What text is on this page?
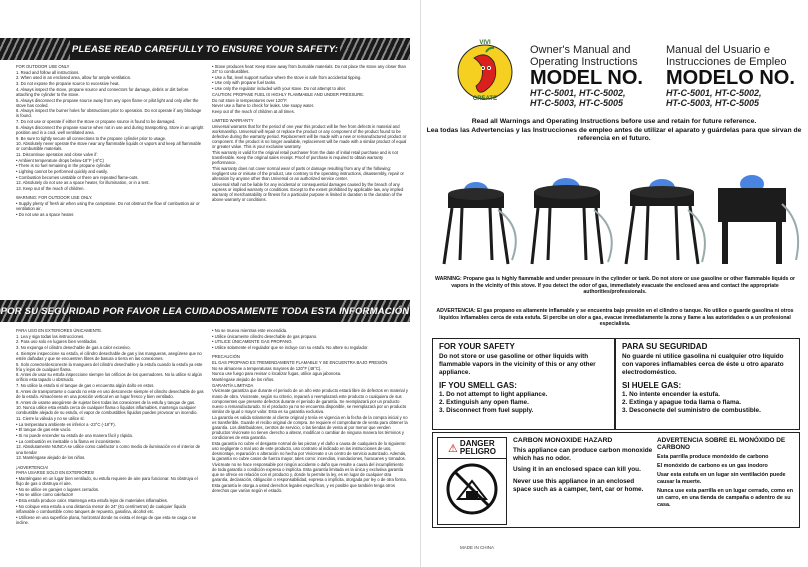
PLEASE READ CAREFULLY TO ENSURE YOUR SAFETY:

FOR OUTDOOR USE ONLY

1. Read and follow all instructions.

2. When used in an enclosed area, allow for ample ventilation.

3. Do not expose the propane source to excessive heat.

4. Always inspect the stove, propane source and connectors for damage, debris or dirt before attaching the cylinder to the stove.

5. Always disconnect the propane source away from any open flame or pilot light and only after the stove has cooled.

6. Always inspect the burner holes for obstructions prior to operation. Do not operate if any blockage is found.

7. Do not use or operate if either the stove or propane source is found to be damaged.

8. Always disconnect the propane source when not in use and during transporting. Store in an upright position and in a cool, well ventilated area.

9. Be sure to tightly secure all connections to the propane cylinder prior to usage.

10. Absolutely never operate the stove near any flammable liquids or vapors and keep all flammable or combustible materials.

11. Discontinue operation and close valve if:

• Ambient temperature drops below-18°F (-8°C)

• There is no fuel remaining in the propane cylinder.

• Lighting cannot be performed quickly and easily.

• Combustion becomes unstable or there are repeated flame-outs.

12. Absolutely do not use as a space heater, for illumination, or in a tent.

13. Keep out of the reach of children.

WARNING: FOR OUTDOOR USE ONLY.

• Supply plenty of fresh air when using the campstove. Do not obstruct the flow of combustion air or ventilation air.

• Do not use as a space heater.

• Stove produces heat: Keep stove away from burnable materials. Do not place the stove any closer than 24" to combustibles.

• Use a flat, level support surface where the stove is safe from accidental tipping.

• Use only with propane fuel tanks.

• Use only the regulator included with your stove. Do not attempt to alter.

CAUTION: PROPANE FUEL IS HIGHLY FLAMMABLE AND UNDER PRESSURE.

Do not store in temperatures over 120°F.

Never use a flame to check for leaks. Use soapy water.

Keep out of the reach of children at all times.

LIMITED WARRANTY

Universal warrants that for the period of one year this product will be free from defects in material and workmanship. Universal will repair or replace the product or any component of the product found to be defective during the warranty period. Replacement will be made with a new or remanufactured product or component. If the product is no longer available, replacement will be made with a similar product of equal or greater value. This is your exclusive warranty.

This warranty is valid for the original retail purchaser from the date of initial retail purchase and is not transferable. Keep the original sales receipt. Proof of purchase is required to obtain warranty performance.

This warranty does not cover normal wear of parts or damage resulting from any of the following: negligent use or misuse of the product, use contrary to the operating instructions, disassembly, repair or alteration by anyone other than Universal or an authorized service center.

Universal shall not be liable for any incidental or consequential damages caused by the breach of any express or implied warranty or conditions. Except to the extent prohibited by applicable law, any implied warranty of merchantability or fitness for a particular purpose is limited in duration to the duration of the above warranty or conditions.

POR SU SEGURIDAD POR FAVOR LEA CUIDADOSAMENTE TODA ESTA INFORMACIÓN

PARA USO EN EXTERIORES ÚNICAMENTE.

1. Lea y siga todas las instrucciones.

2. Para uso solo en lugares bien ventilados.

3. No exponga el cilindro desechable de gas a calor excesivo.

4. Siempre inspeccione su estufa, el cilindro desechable de gas y las mangueras, asegúrese que no estén dañadas y que se encuentren libres de basura o tierra en las conexiones.

5. Solo conecte/desconecte la manguera del cilindro desechable y la estufa cuando la estufa ya este fría y lejos de cualquier flama.

6. Antes de usar su estufa inspeccione siempre los orificios de los quemadores. No la utilice si algún orificio esta tapado u obstruido.

7. No utilice la estufa si el tanque de gas o encuentra algún daño en estos.

8. Antes de transportarse o cuando no este en uso desconecte siempre el cilindro desechable de gas de la estufa. Almacénese en una posición vertical en un lugar fresco y bien ventilado.

9. Antes de usarse asegúrese de sujetar bien todas las conexiones de la estufa y tanque de gas.

10. Nunca utilice esta estufa cerca de cualquier flama o líquidos inflamables, mantenga cualquier combustible alejado de su estufa, el vapor de combustibles líquidos pueden provocar un incendio.

11. Cierre la válvula y no se utilice si:

• La temperatura ambiente es inferior a -23°C (-18°F).

• El tanque de gas este vacío.

• Si no puede encender su estufa de una manera fácil y rápida.

• La combustión es inestable o la flama es inconsistente.

12. Absolutamente NUNCA se utilice como calefactor o como medio de iluminación en el interior de una tienda!

13. Manténgase alejado de los niños.

¡ADVERTENCIA!

PARA USARSE SOLO EN EXTERIORES!

• Manténgase en un lugar bien ventilado, su estufa requiere de aire para funcionar. No obstruya el flujo de gas o obstruya el aire.

• No se utilice en garajes o lugares cerrados.

• No se utilice como calefactor!

• Esta estufa produce calor. Mantenga esta estufa lejos de materiales inflamables.

• No coloque esta estufa a una distancia menor de 24" (61 centímetros) de cualquier líquido inflamable o combustible como tanques de repuesto, gasolina, alcohol etc.

• Utilícese en una superficie plana, horizontal donde no exista el riesgo de que esta se caiga o se incline.

• No se mueva mientras este encendida.

• Utilice únicamente cilindro desechable de gas propano.

• UTILICE ÚNICAMENTE GAS PROPANO.

• Utilice solamente el regulador que se incluye con su estufa. No altere su regulador.

PRECAUCIÓN

EL GAS PROPANO ES TREMENDAMENTE FLAMABLE Y SE ENCUENTRA BAJO PRESIÓN

No se almacene a temperaturas mayores de 120°F (49°C).

Nunca use fuego para revisar o localizar fugas, utilice agua jabonosa.

Manténgase alejado de los niños.

GARANTÍA LIMITADA

Vivicreate garantiza que durante el periodo de un año este producto estará libre de defectos en material y mano de obra. Vivicreate, según su criterio, reparará o reemplazará este producto o cualquiera de sus componentes que presente defectos durante el periodo de garantía. Se reemplazará por un producto nuevo o remanufacturado. Si el producto ya no se encuentra disponible, se reemplazará por un producto similar de igual o mayor valor. Esta es su garantía exclusiva.

La garantía es valida solamente al cliente original y tenía en vigencia en la fecha de la compra inicial y no es transferible. Guarde el recibo original de compra. Se requiere el comprobante de venta para obtener la garantía. Los distribuidores, centros de servicio, o las tiendas de venta al por menor que venden productos Vivicreate no tienen derecho a alterar, modificar o cambiar de ninguna manera los términos y condiciones de esta garantía.

Esta garantía no cubre el desgaste normal de las piezas y el daño a causa de cualquiera de lo siguiente: uso negligente o mal uso de este producto, uso contrario al indicado en las instrucciones de uso, desmontaje, reparación o alteración no hecha por Vivicreate o un centro de servicio autorizado. Además, la garantía no cubre casos de fuerza mayor, tales como: incendios, inundaciones, huracanes y tornados.

Vivicreate no se hace responsable por ningún accidente o daño que resulte a causa del incumplimiento de toda garantía o condición expresa o implícita. Esta garantía limitada es la única y exclusiva garantía que se ofrece en relación con el producto y, donde lo permite la ley, es en lugar de cualquier otra garantía, declaración, obligación o responsabilidad, expresa o implícita, otorgada por ley o de otra forma.

Esta garantía le otorga a usted derechos legales específicos, y es posible que también tenga otros derechos que varían según el estado.

VIVI
CREATE
Owner's Manual and
Operating Instructions
MODEL NO.
HT-C-5001, HT-C-5002,
HT-C-5003, HT-C-5005
Manual del Usuario e
Instrucciones de Empleo
MODELO NO.
HT-C-5001, HT-C-5002,
HT-C-5003, HT-C-5005
Read all Warnings and Operating Instructions before use and retain for future reference.
Lea todas las Advertencias y las Instrucciones de empleo antes de utilizar el aparato y guárdelas para que sirvan de referencia en el futuro.
WARNING: Propane gas is highly flammable and under pressure in the cylinder or tank. Do not store or use gasoline or other flammable liquids or vapors in the vicinity of this stove. If you detect the odor of gas, immediately evacuate the enclosed area and contact the appropriate authorities/professionals.
ADVERTENCIA: El gas propano es altamente inflamable y se encuentra bajo presión en el cilindro o tanque. No utilice o guarde gasolina ni otros líquidos inflamables cerca de esta estufa. Si percibe un olor a gas, evacue inmediatamente la zona y llame a las autoridades o a un profesional especialista.
FOR YOUR SAFETY
Do not store or use gasoline or other liquids with flammable vapors in the vicinity of this or any other appliance.
IF YOU SMELL GAS:
1. Do not attempt to light appliance.
2. Extinguish any open flame.
3. Disconnect from fuel supply.
PARA SU SEGURIDAD
No guarde ni utilice gasolina ni cualquier otro líquido con vapores inflamables cerca de éste u otro aparato electrodoméstico.
SI HUELE GAS:
1. No intente encender la estufa.
2. Extinga y apague toda llama o flama.
3. Desconecte del suministro de combustible.
⚠ DANGER
PELIGRO
CARBON MONOXIDE HAZARD
This appliance can produce carbon monoxide which has no odor.
Using it in an enclosed space can kill you.
Never use this appliance in an enclosed space such as a camper, tent, car or home.
ADVERTENCIA SOBRE EL MONÓXIDO DE CARBONO
Esta parrilla produce monóxido de carbono
El monóxido de carbono es un gas inodoro
Usar esta estufa en un lugar sin ventilación puede causar la muerte.
Nunca use esta parrilla en un lugar cerrado, como en un carro, en una tienda de campaña o adentro de su casa.
MADE IN CHINA
